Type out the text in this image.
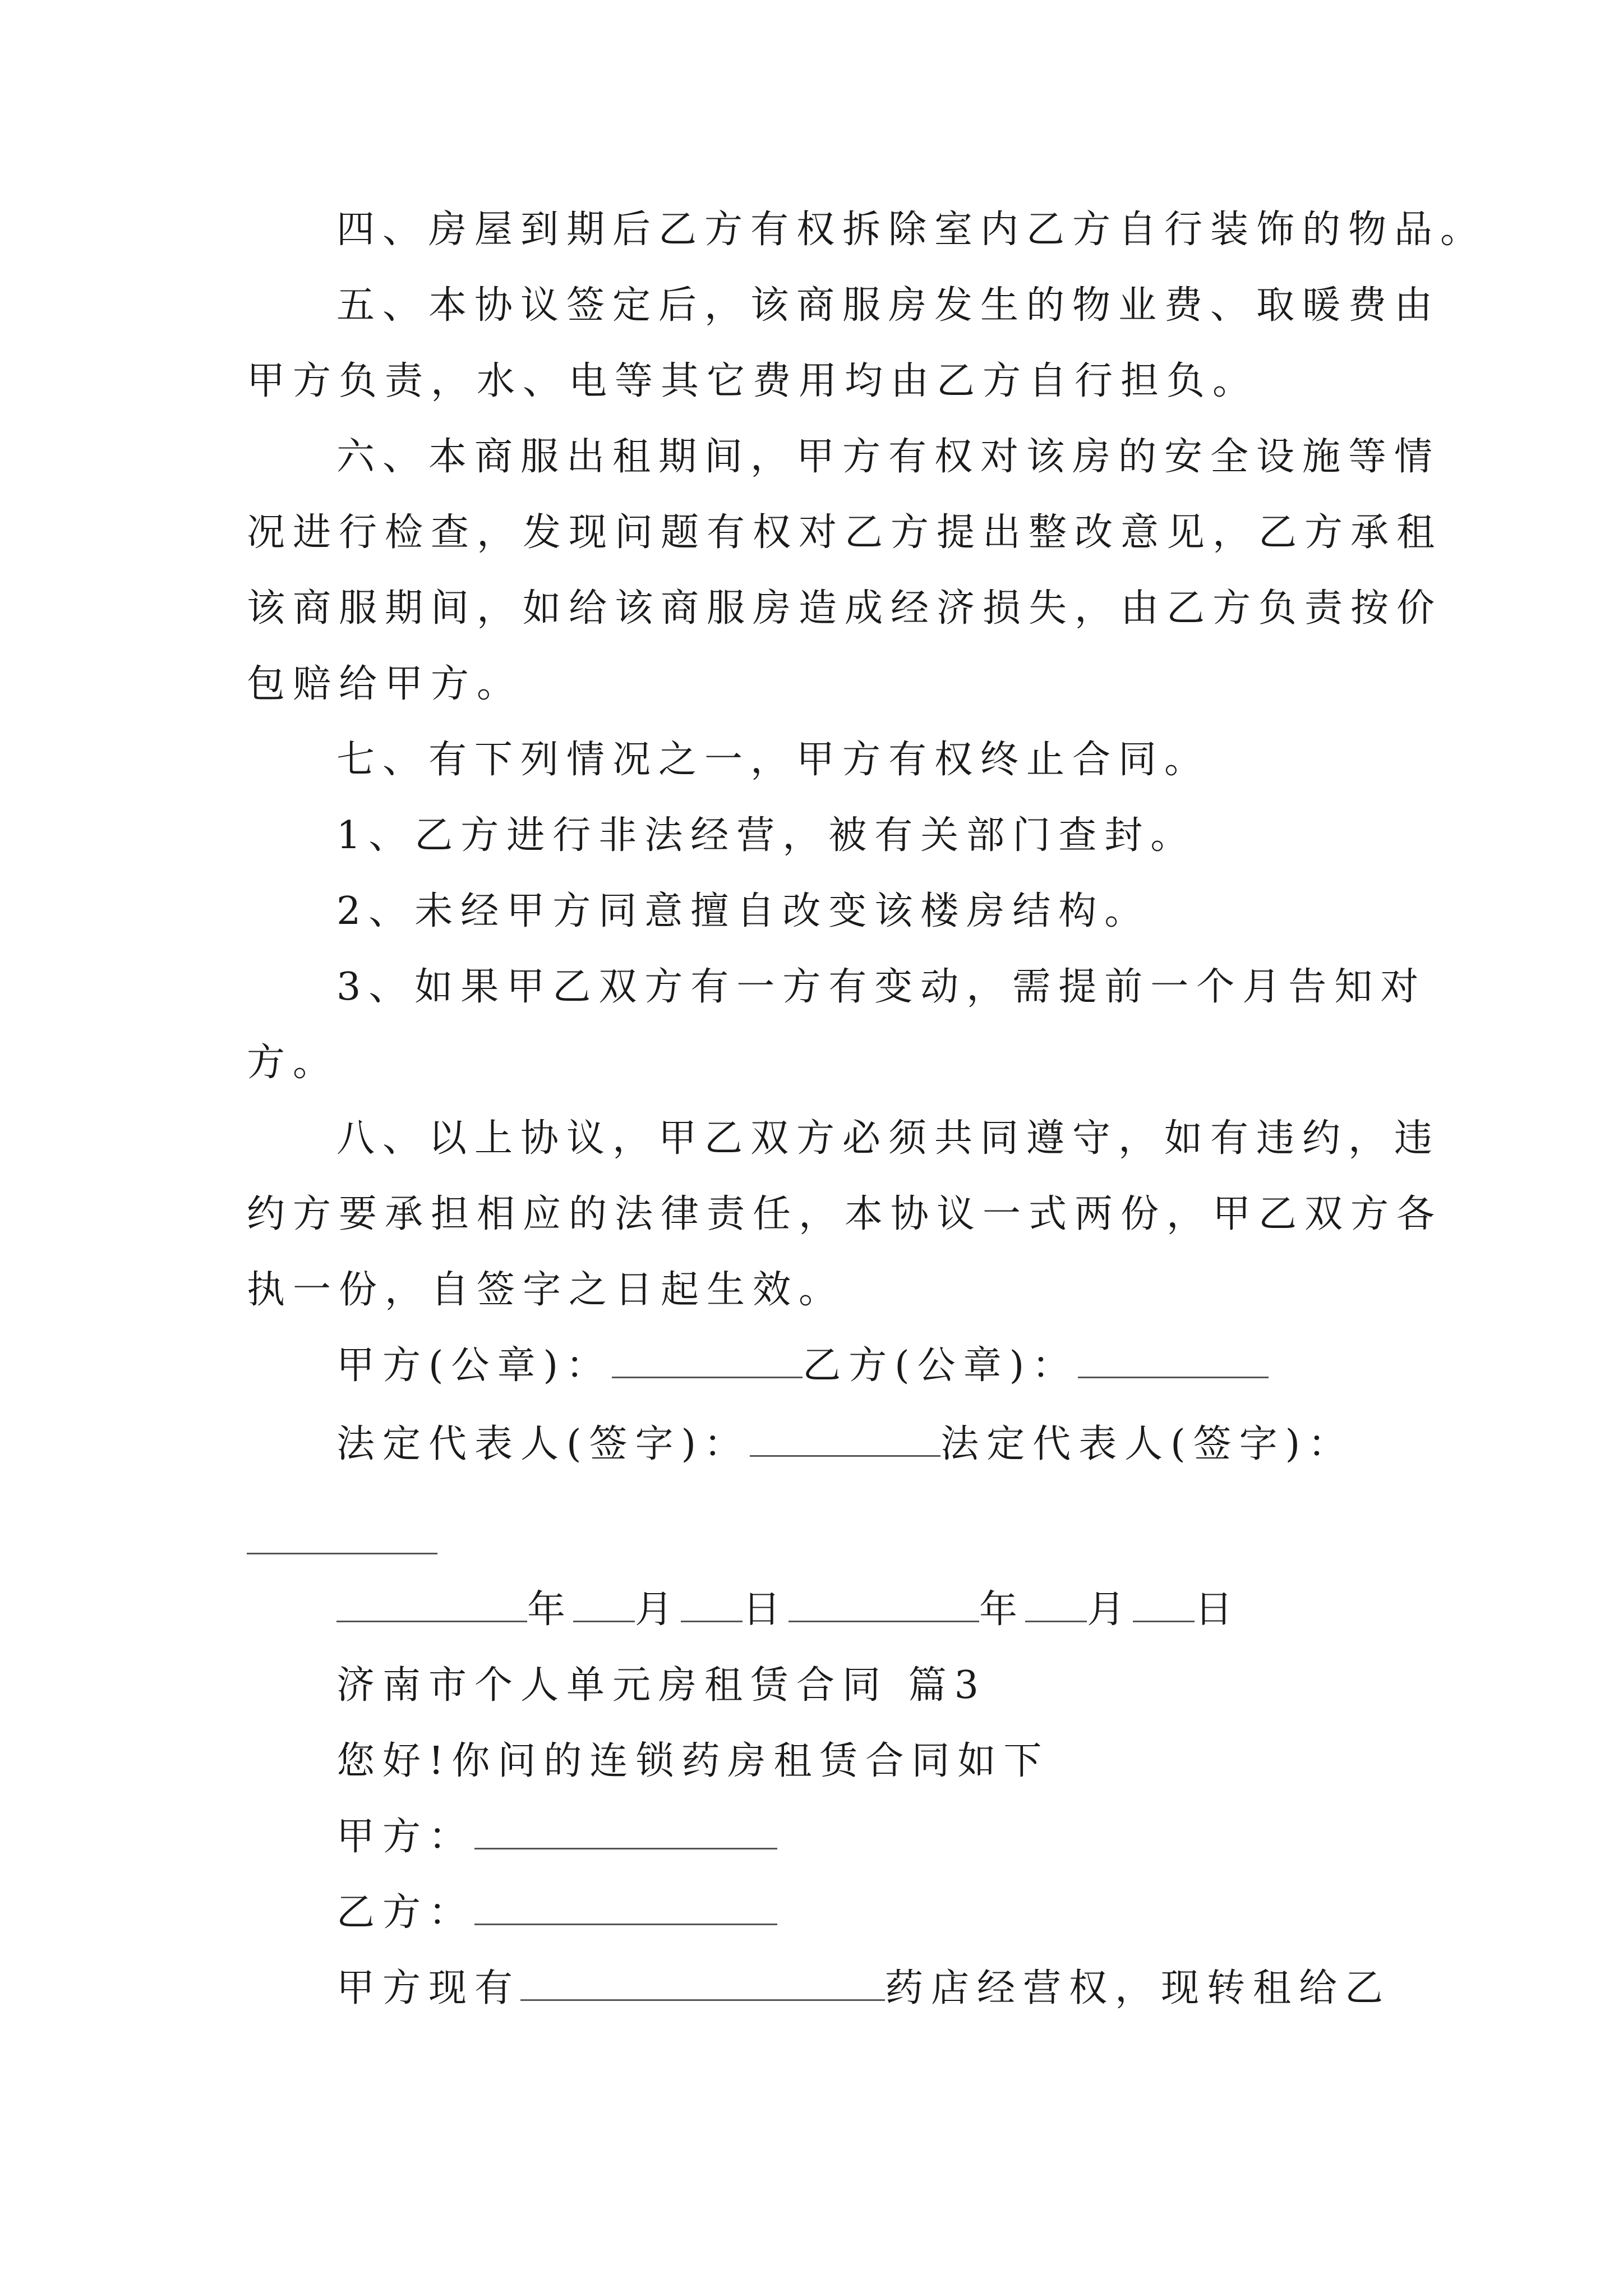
四、房屋到期后乙方有权拆除室内乙方自行装饰的物品。
五、本协议签定后，该商服房发生的物业费、取暖费由
甲方负责，水、电等其它费用均由乙方自行担负。
六、本商服出租期间，甲方有权对该房的安全设施等情
况进行检查，发现问题有权对乙方提出整改意见，乙方承租
该商服期间，如给该商服房造成经济损失，由乙方负责按价
包赔给甲方。
七、有下列情况之一，甲方有权终止合同。
1、乙方进行非法经营，被有关部门查封。
2、未经甲方同意擅自改变该楼房结构。
3、如果甲乙双方有一方有变动，需提前一个月告知对
方。
八、以上协议，甲乙双方必须共同遵守，如有违约，违
约方要承担相应的法律责任，本协议一式两份，甲乙双方各
执一份，自签字之日起生效。
甲方(公章)：	乙方(公章)：
法定代表人(签字)：	法定代表人(签字)：
年 月 日	年 月 日
济南市个人单元房租赁合同 篇3
您好!你问的连锁药房租赁合同如下
甲方：
乙方：
甲方现有	药店经营权，现转租给乙
